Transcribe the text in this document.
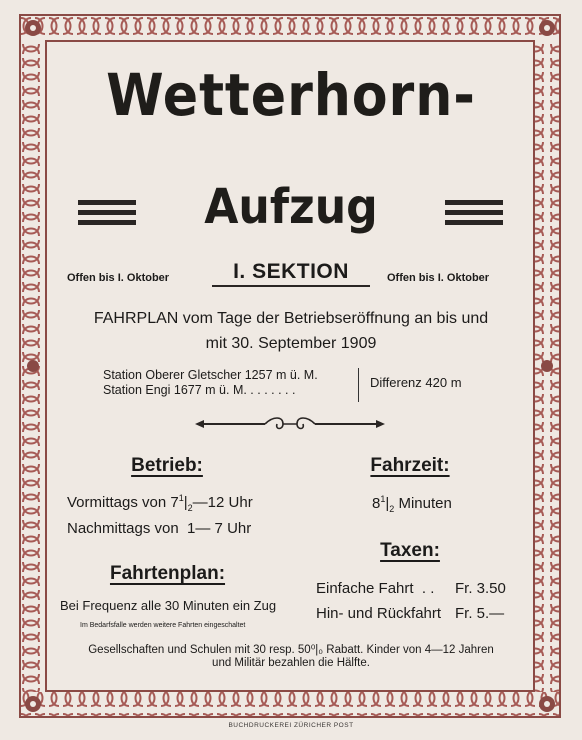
Wetterhorn-
Aufzug
Offen bis I. Oktober	I. SEKTION	Offen bis I. Oktober
FAHRPLAN vom Tage der Betriebseröffnung an bis und
mit 30. September 1909
Station Oberer Gletscher 1257 m ü. M.
Station Engi 1677 m ü. M. . . . . . . .	Differenz 420 m
Betrieb:
Vormittags von $7^1|_2—12$ Uhr
Nachmittags von  1— 7 Uhr
Fahrtenplan:
Bei Frequenz alle 30 Minuten ein Zug
Im Bedarfsfalle werden weitere Fahrten eingeschaltet
Fahrzeit:
$8^1|_2$ Minuten
Taxen:
Einfache Fahrt  . . Fr. 3.50
Hin- und Rückfahrt Fr. 5.—
Gesellschaften und Schulen mit 30 resp. 50⁰|₀ Rabatt. Kinder von 4—12 Jahren
und Militär bezahlen die Hälfte.
BUCHDRUCKEREI ZÜRICHER POST
